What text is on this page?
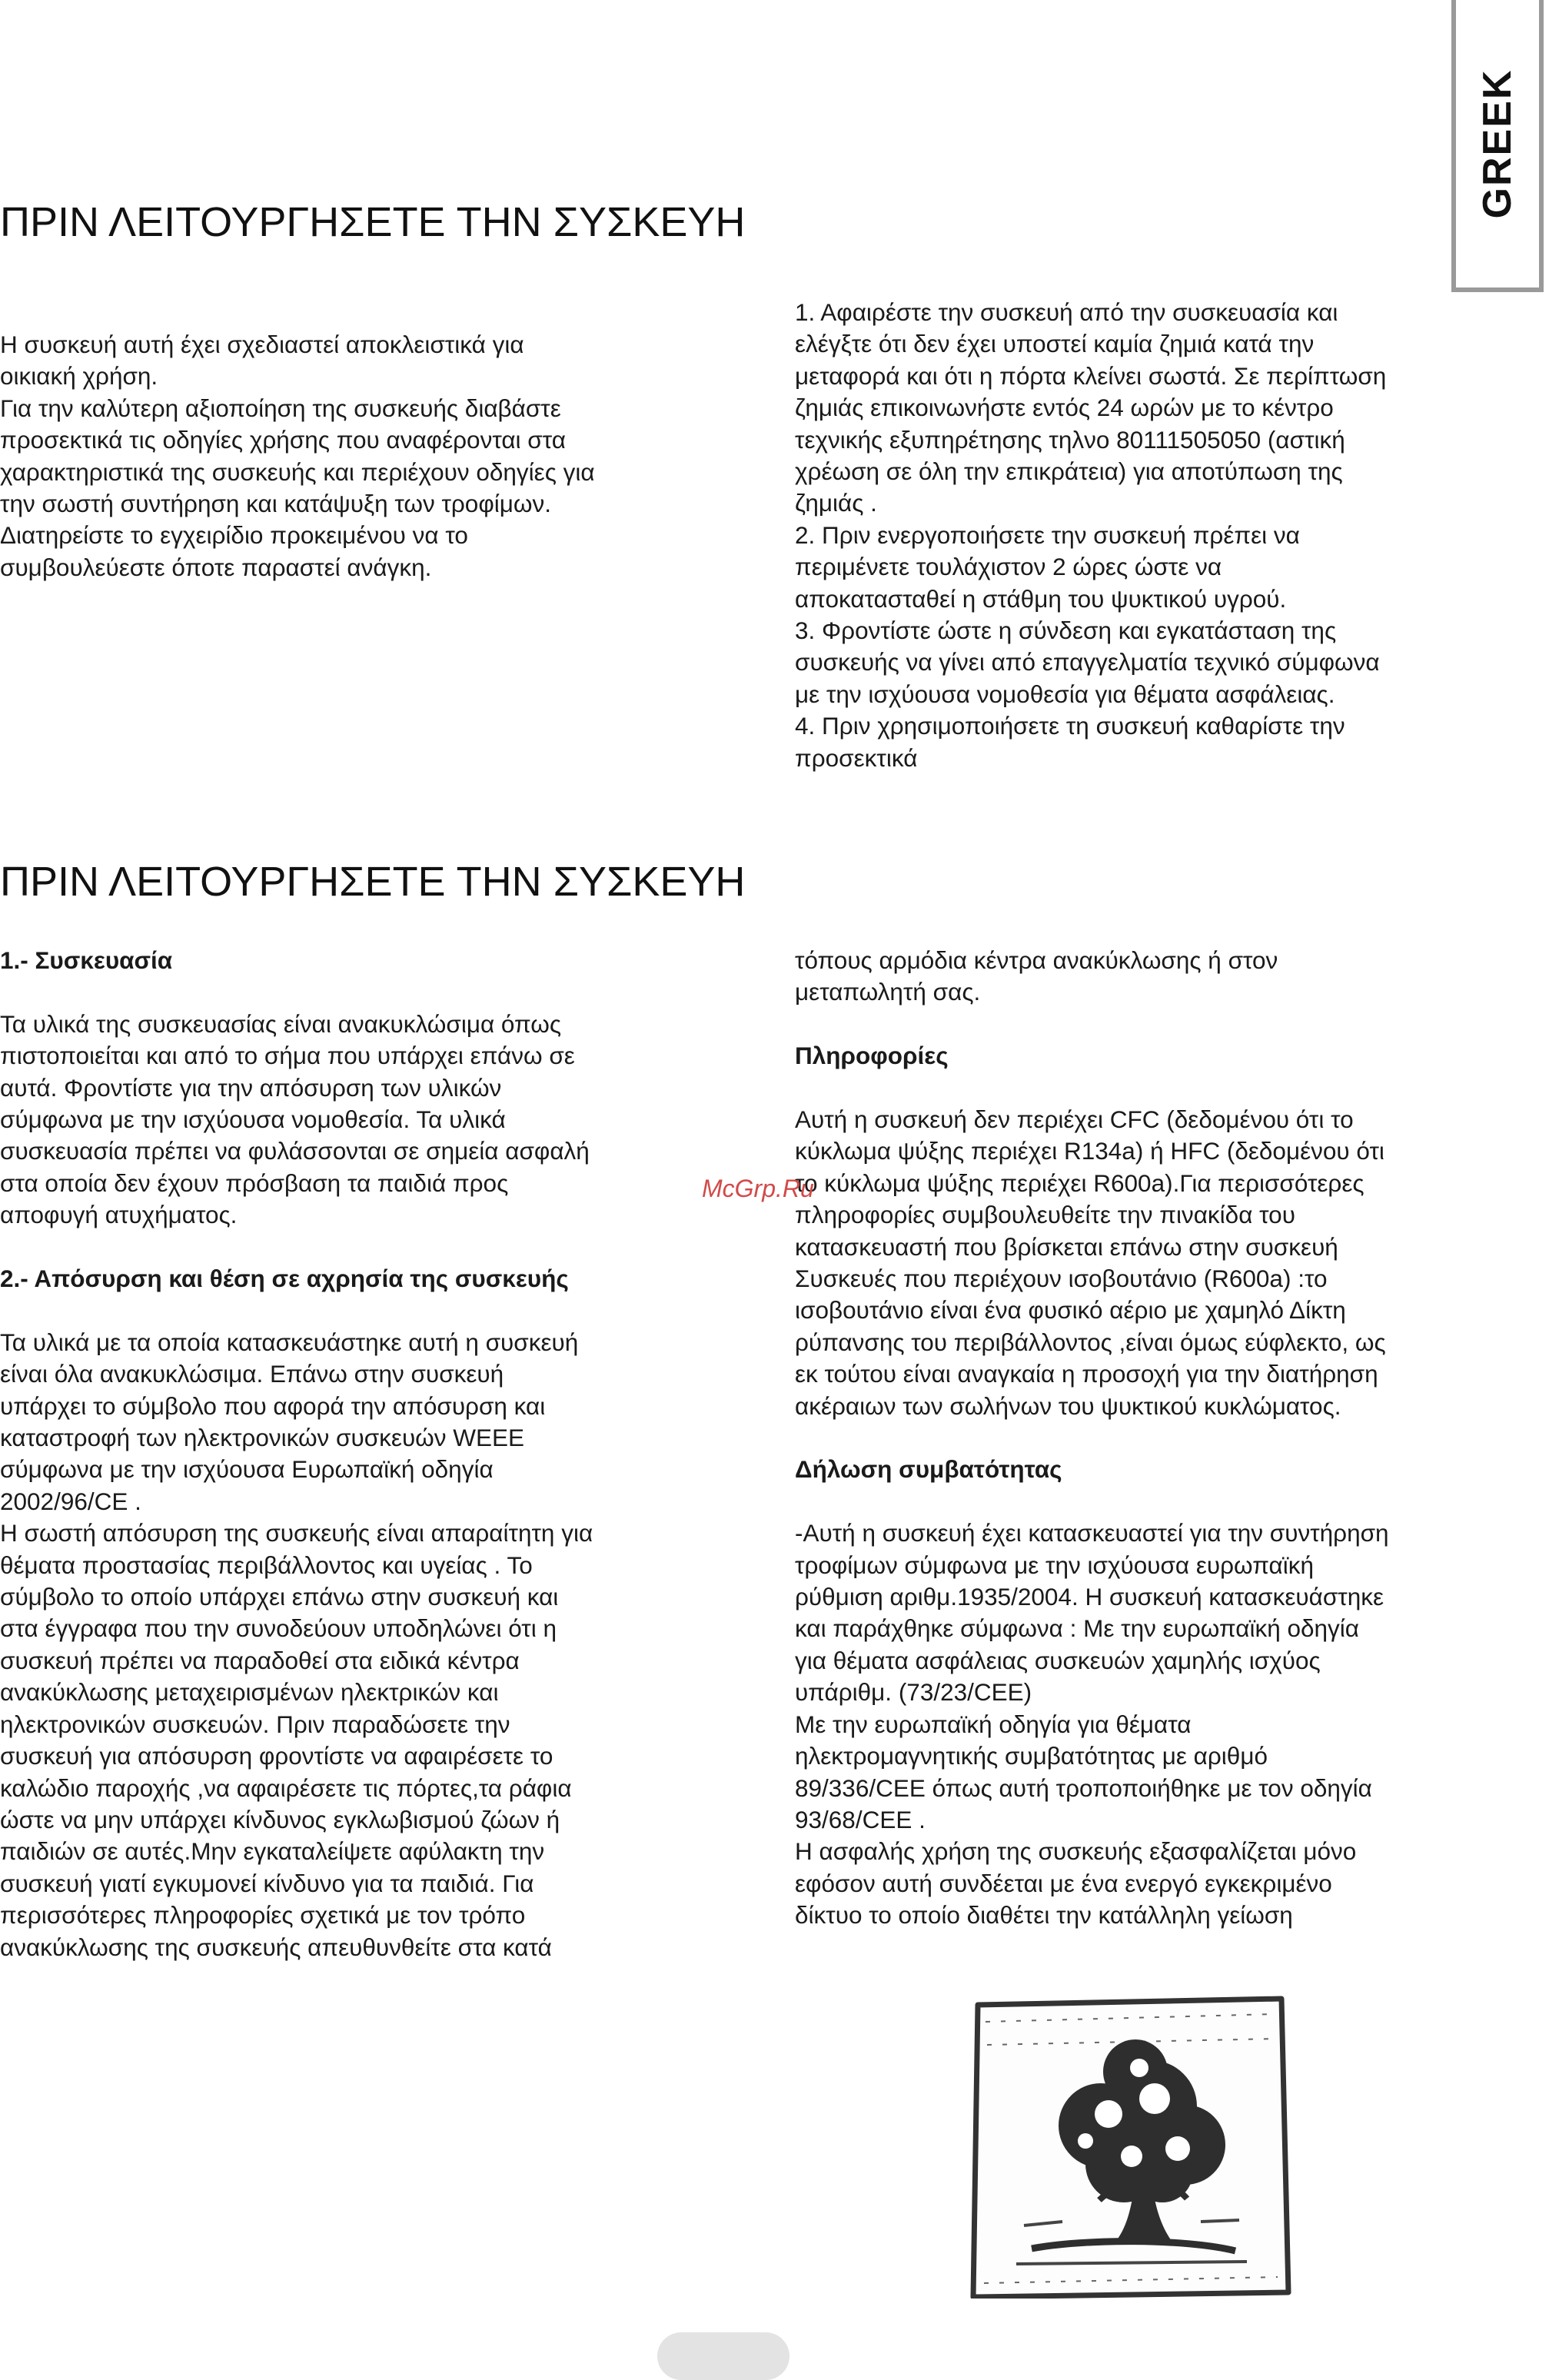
GREEK
ΠΡΙΝ ΛΕΙΤΟΥΡΓΗΣΕΤΕ ΤΗΝ ΣΥΣΚΕΥΗ

Η συσκευή αυτή έχει σχεδιαστεί αποκλειστικά για

οικιακή χρήση.

Για την καλύτερη αξιοποίηση της συσκευής διαβάστε

προσεκτικά τις οδηγίες χρήσης που αναφέρονται στα

χαρακτηριστικά της συσκευής και περιέχουν οδηγίες για

την σωστή συντήρηση και κατάψυξη των τροφίμων.

Διατηρείστε το εγχειρίδιο προκειμένου να το

συμβουλεύεστε όποτε παραστεί ανάγκη.

1. Αφαιρέστε την συσκευή από την συσκευασία και

ελέγξτε ότι δεν έχει υποστεί καμία ζημιά κατά την

μεταφορά και ότι η πόρτα κλείνει σωστά. Σε περίπτωση

ζημιάς επικοινωνήστε εντός 24 ωρών με το κέντρο

τεχνικής εξυπηρέτησης τηλνο 80111505050 (αστική

χρέωση σε όλη την επικράτεια) για αποτύπωση της

ζημιάς .

2. Πριν ενεργοποιήσετε την συσκευή πρέπει να

περιμένετε τουλάχιστον 2 ώρες ώστε να

αποκατασταθεί η στάθμη του ψυκτικού υγρού.

3. Φροντίστε ώστε η σύνδεση και εγκατάσταση της

συσκευής να γίνει από επαγγελματία τεχνικό σύμφωνα

με την ισχύουσα νομοθεσία για θέματα ασφάλειας.

4. Πριν χρησιμοποιήσετε τη συσκευή καθαρίστε την

προσεκτικά

ΠΡΙΝ ΛΕΙΤΟΥΡΓΗΣΕΤΕ ΤΗΝ ΣΥΣΚΕΥΗ

1.- Συσκευασία

Τα υλικά της συσκευασίας είναι ανακυκλώσιμα όπως

πιστοποιείται και από το σήμα που υπάρχει επάνω σε

αυτά. Φροντίστε για την απόσυρση των υλικών

σύμφωνα με την ισχύουσα νομοθεσία. Τα υλικά

συσκευασία πρέπει να φυλάσσονται σε σημεία ασφαλή

στα οποία δεν έχουν πρόσβαση τα παιδιά προς

αποφυγή ατυχήματος.

2.- Απόσυρση και θέση σε αχρησία της συσκευής

Τα υλικά με τα οποία κατασκευάστηκε αυτή η συσκευή

είναι όλα ανακυκλώσιμα. Επάνω στην συσκευή

υπάρχει το σύμβολο που αφορά την απόσυρση και

καταστροφή των ηλεκτρονικών συσκευών WEEE

σύμφωνα με την ισχύουσα Ευρωπαϊκή οδηγία

2002/96/CE .

Η σωστή απόσυρση της συσκευής είναι απαραίτητη για

θέματα προστασίας περιβάλλοντος και υγείας . Το

σύμβολο το οποίο υπάρχει επάνω στην συσκευή και

στα έγγραφα που την συνοδεύουν υποδηλώνει ότι η

συσκευή πρέπει να παραδοθεί στα ειδικά κέντρα

ανακύκλωσης μεταχειρισμένων ηλεκτρικών και

ηλεκτρονικών συσκευών. Πριν παραδώσετε την

συσκευή για απόσυρση φροντίστε να αφαιρέσετε το

καλώδιο παροχής ,να αφαιρέσετε τις πόρτες,τα ράφια

ώστε να μην υπάρχει κίνδυνος εγκλωβισμού ζώων ή

παιδιών σε αυτές.Μην εγκαταλείψετε αφύλακτη την

συσκευή γιατί εγκυμονεί κίνδυνο για τα παιδιά. Για

περισσότερες πληροφορίες σχετικά με τον τρόπο

ανακύκλωσης της συσκευής απευθυνθείτε στα κατά

τόπους αρμόδια κέντρα ανακύκλωσης ή στον

μεταπωλητή σας.

Πληροφορίες

Αυτή η συσκευή δεν περιέχει CFC (δεδομένου ότι το

κύκλωμα ψύξης περιέχει R134a) ή HFC (δεδομένου ότι

το κύκλωμα ψύξης περιέχει R600a).Για περισσότερες

πληροφορίες συμβουλευθείτε την πινακίδα του

κατασκευαστή που βρίσκεται επάνω στην συσκευή

Συσκευές που περιέχουν ισοβουτάνιο (R600a) :το

ισοβουτάνιο είναι ένα φυσικό αέριο με χαμηλό Δίκτη

ρύπανσης του περιβάλλοντος ,είναι όμως εύφλεκτο, ως

εκ τούτου είναι αναγκαία η προσοχή για την διατήρηση

ακέραιων των σωλήνων του ψυκτικού κυκλώματος.

Δήλωση συμβατότητας

-Αυτή η συσκευή έχει κατασκευαστεί για την συντήρηση

τροφίμων σύμφωνα με την ισχύουσα ευρωπαϊκή

ρύθμιση αριθμ.1935/2004. Η συσκευή κατασκευάστηκε

και παράχθηκε σύμφωνα : Με την ευρωπαϊκή οδηγία

για θέματα ασφάλειας συσκευών χαμηλής ισχύος

υπάριθμ. (73/23/CEE)

Με την ευρωπαϊκή οδηγία για θέματα

ηλεκτρομαγνητικής συμβατότητας με αριθμό

89/336/CEE όπως αυτή τροποποιήθηκε με τον οδηγία

93/68/CEE .

Η ασφαλής χρήση της συσκευής εξασφαλίζεται μόνο

εφόσον αυτή συνδέεται με ένα ενεργό εγκεκριμένο

δίκτυο το οποίο διαθέτει την κατάλληλη γείωση

McGrp.Ru
